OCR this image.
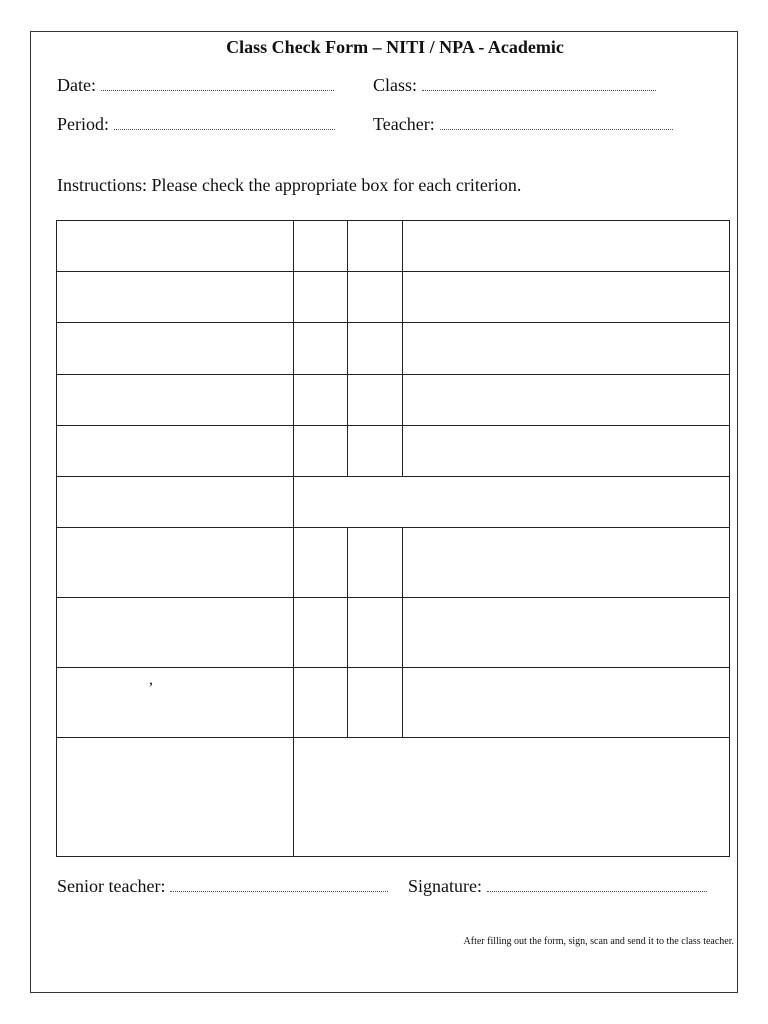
Class Check Form – NITI / NPA - Academic
Date:	Class:
Period:	Teacher:
Instructions: Please check the appropriate box for each criterion.
,
Senior teacher:	Signature:
After filling out the form, sign, scan and send it to the class teacher.
